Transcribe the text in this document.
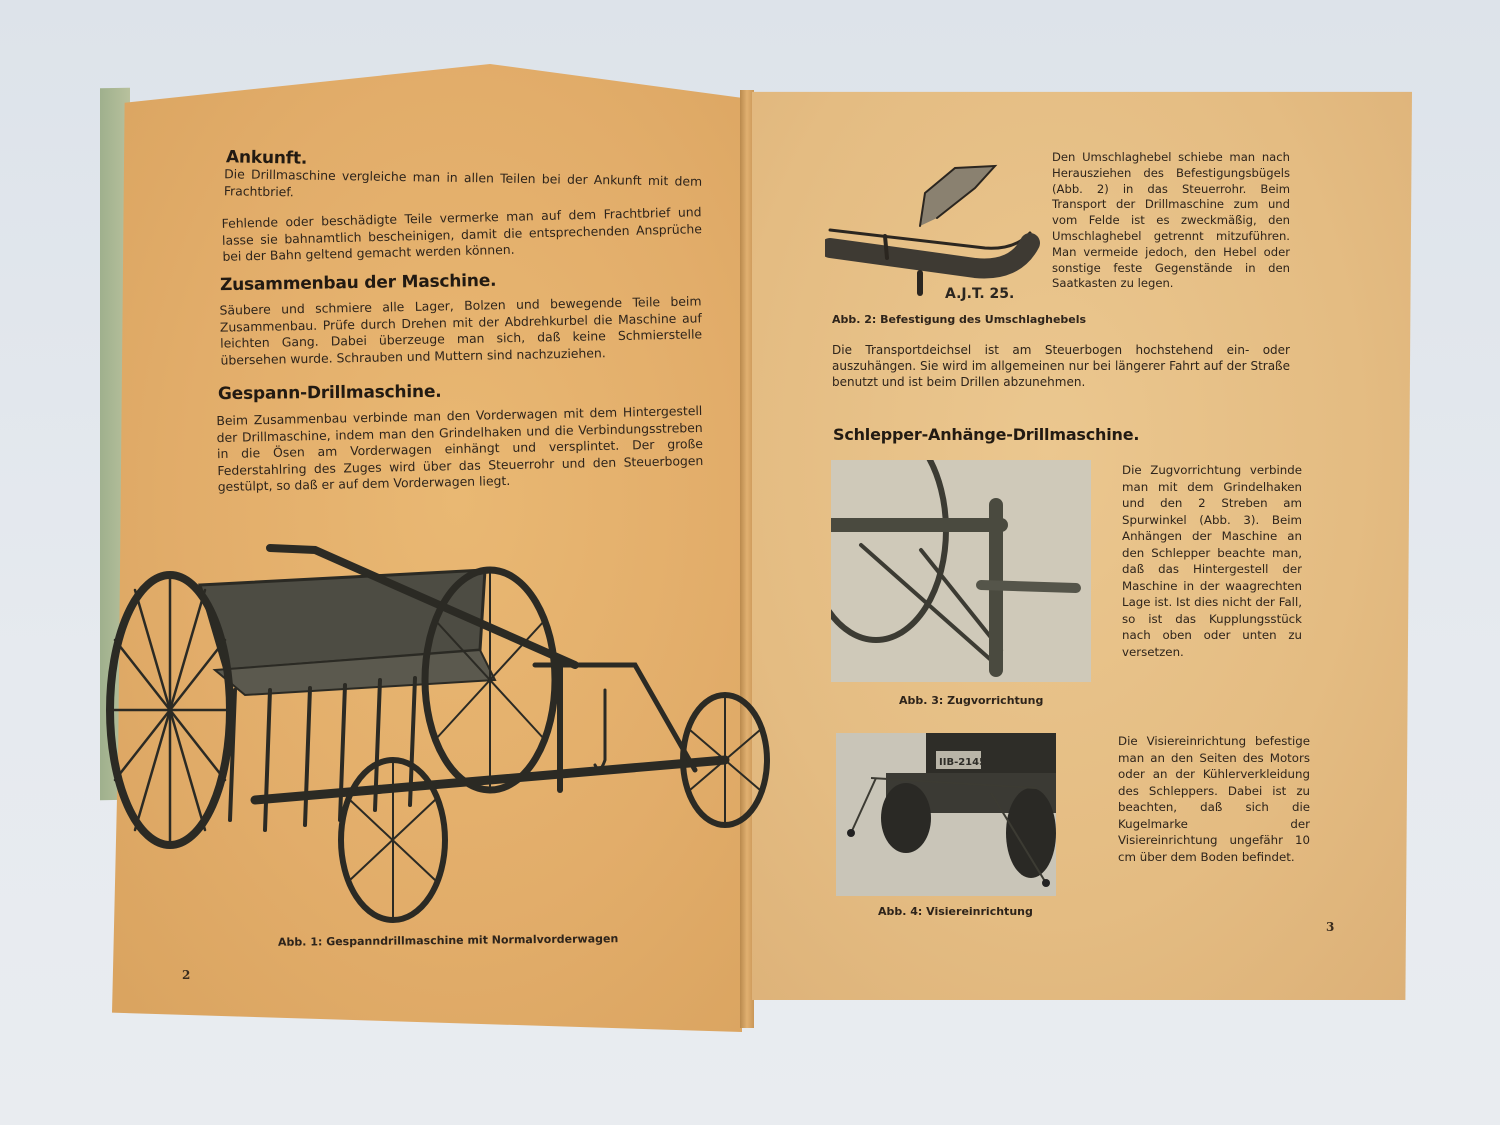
Ankunft.

Die Drillmaschine vergleiche man in allen Teilen bei der Ankunft mit dem Frachtbrief.

Fehlende oder beschädigte Teile vermerke man auf dem Frachtbrief und lasse sie bahnamtlich bescheinigen, damit die entsprechenden Ansprüche bei der Bahn geltend gemacht werden können.

Zusammenbau der Maschine.

Säubere und schmiere alle Lager, Bolzen und bewegende Teile beim Zusammenbau. Prüfe durch Drehen mit der Abdrehkurbel die Maschine auf leichten Gang. Dabei überzeuge man sich, daß keine Schmierstelle übersehen wurde. Schrauben und Muttern sind nachzuziehen.

Gespann-Drillmaschine.

Beim Zusammenbau verbinde man den Vorderwagen mit dem Hintergestell der Drillmaschine, indem man den Grindelhaken und die Verbindungsstreben in die Ösen am Vorderwagen einhängt und versplintet. Der große Federstahlring des Zuges wird über das Steuerrohr und den Steuerbogen gestülpt, so daß er auf dem Vorderwagen liegt.

Abb. 1: Gespanndrillmaschine mit Normalvorderwagen
2
A.J.T. 25.

Den Umschlaghebel schiebe man nach Herausziehen des Befestigungsbügels (Abb. 2) in das Steuerrohr. Beim Transport der Drillmaschine zum und vom Felde ist es zweckmäßig, den Umschlaghebel getrennt mitzuführen. Man vermeide jedoch, den Hebel oder sonstige feste Gegenstände in den Saatkasten zu legen.

Abb. 2: Befestigung des Umschlaghebels

Die Transportdeichsel ist am Steuerbogen hochstehend ein- oder auszuhängen. Sie wird im allgemeinen nur bei längerer Fahrt auf der Straße benutzt und ist beim Drillen abzunehmen.

Schlepper-Anhänge-Drillmaschine.
Abb. 3: Zugvorrichtung

Die Zugvorrichtung verbinde man mit dem Grindelhaken und den 2 Streben am Spurwinkel (Abb. 3). Beim Anhängen der Maschine an den Schlepper beachte man, daß das Hintergestell der Maschine in der waagrechten Lage ist. Ist dies nicht der Fall, so ist das Kupplungsstück nach oben oder unten zu versetzen.

IIB-2145
Abb. 4: Visiereinrichtung

Die Visiereinrichtung befestige man an den Seiten des Motors oder an der Kühlerverkleidung des Schleppers. Dabei ist zu beachten, daß sich die Kugelmarke der Visiereinrichtung ungefähr 10 cm über dem Boden befindet.

3
